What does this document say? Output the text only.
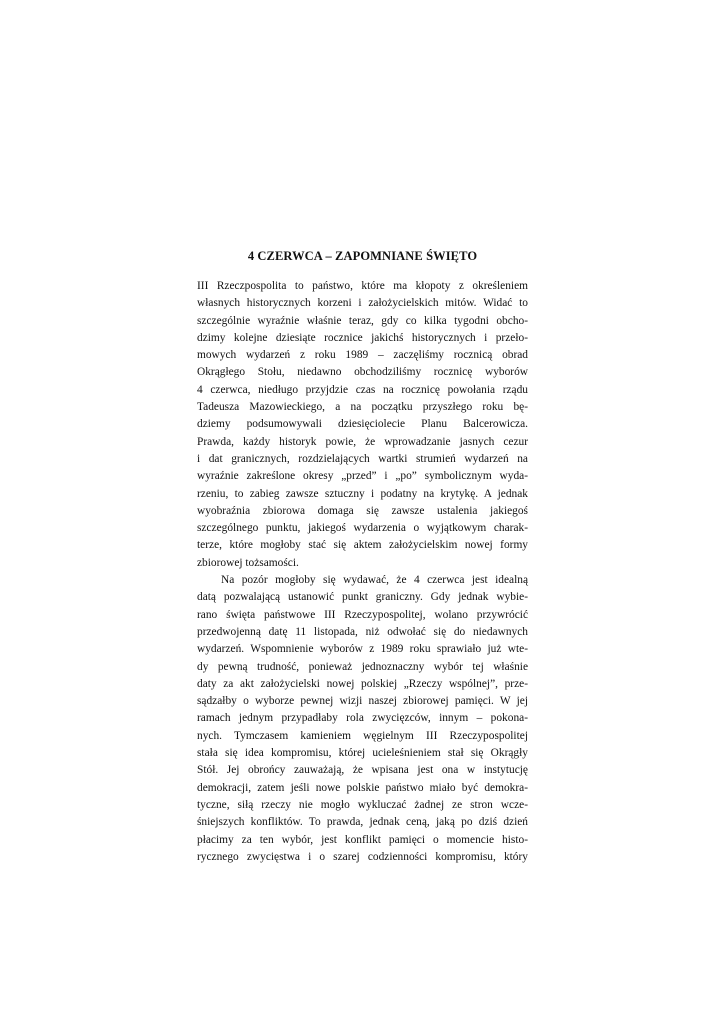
4 CZERWCA – ZAPOMNIANE ŚWIĘTO
III Rzeczpospolita to państwo, które ma kłopoty z określeniem
własnych historycznych korzeni i założycielskich mitów. Widać to
szczególnie wyraźnie właśnie teraz, gdy co kilka tygodni obcho-
dzimy kolejne dziesiąte rocznice jakichś historycznych i przeło-
mowych wydarzeń z roku 1989 – zaczęliśmy rocznicą obrad
Okrągłego Stołu, niedawno obchodziliśmy rocznicę wyborów
4 czerwca, niedługo przyjdzie czas na rocznicę powołania rządu
Tadeusza Mazowieckiego, a na początku przyszłego roku bę-
dziemy podsumowywali dziesięciolecie Planu Balcerowicza.
Prawda, każdy historyk powie, że wprowadzanie jasnych cezur
i dat granicznych, rozdzielających wartki strumień wydarzeń na
wyraźnie zakreślone okresy „przed” i „po” symbolicznym wyda-
rzeniu, to zabieg zawsze sztuczny i podatny na krytykę. A jednak
wyobraźnia zbiorowa domaga się zawsze ustalenia jakiegoś
szczególnego punktu, jakiegoś wydarzenia o wyjątkowym charak-
terze, które mogłoby stać się aktem założycielskim nowej formy
zbiorowej tożsamości.
Na pozór mogłoby się wydawać, że 4 czerwca jest idealną
datą pozwalającą ustanowić punkt graniczny. Gdy jednak wybie-
rano święta państwowe III Rzeczypospolitej, wolano przywrócić
przedwojenną datę 11 listopada, niż odwołać się do niedawnych
wydarzeń. Wspomnienie wyborów z 1989 roku sprawiało już wte-
dy pewną trudność, ponieważ jednoznaczny wybór tej właśnie
daty za akt założycielski nowej polskiej „Rzeczy wspólnej”, prze-
sądzałby o wyborze pewnej wizji naszej zbiorowej pamięci. W jej
ramach jednym przypadłaby rola zwycięzców, innym – pokona-
nych. Tymczasem kamieniem węgielnym III Rzeczypospolitej
stała się idea kompromisu, której ucieleśnieniem stał się Okrągły
Stół. Jej obrońcy zauważają, że wpisana jest ona w instytucję
demokracji, zatem jeśli nowe polskie państwo miało być demokra-
tyczne, siłą rzeczy nie mogło wykluczać żadnej ze stron wcze-
śniejszych konfliktów. To prawda, jednak ceną, jaką po dziś dzień
płacimy za ten wybór, jest konflikt pamięci o momencie histo-
rycznego zwycięstwa i o szarej codzienności kompromisu, który
